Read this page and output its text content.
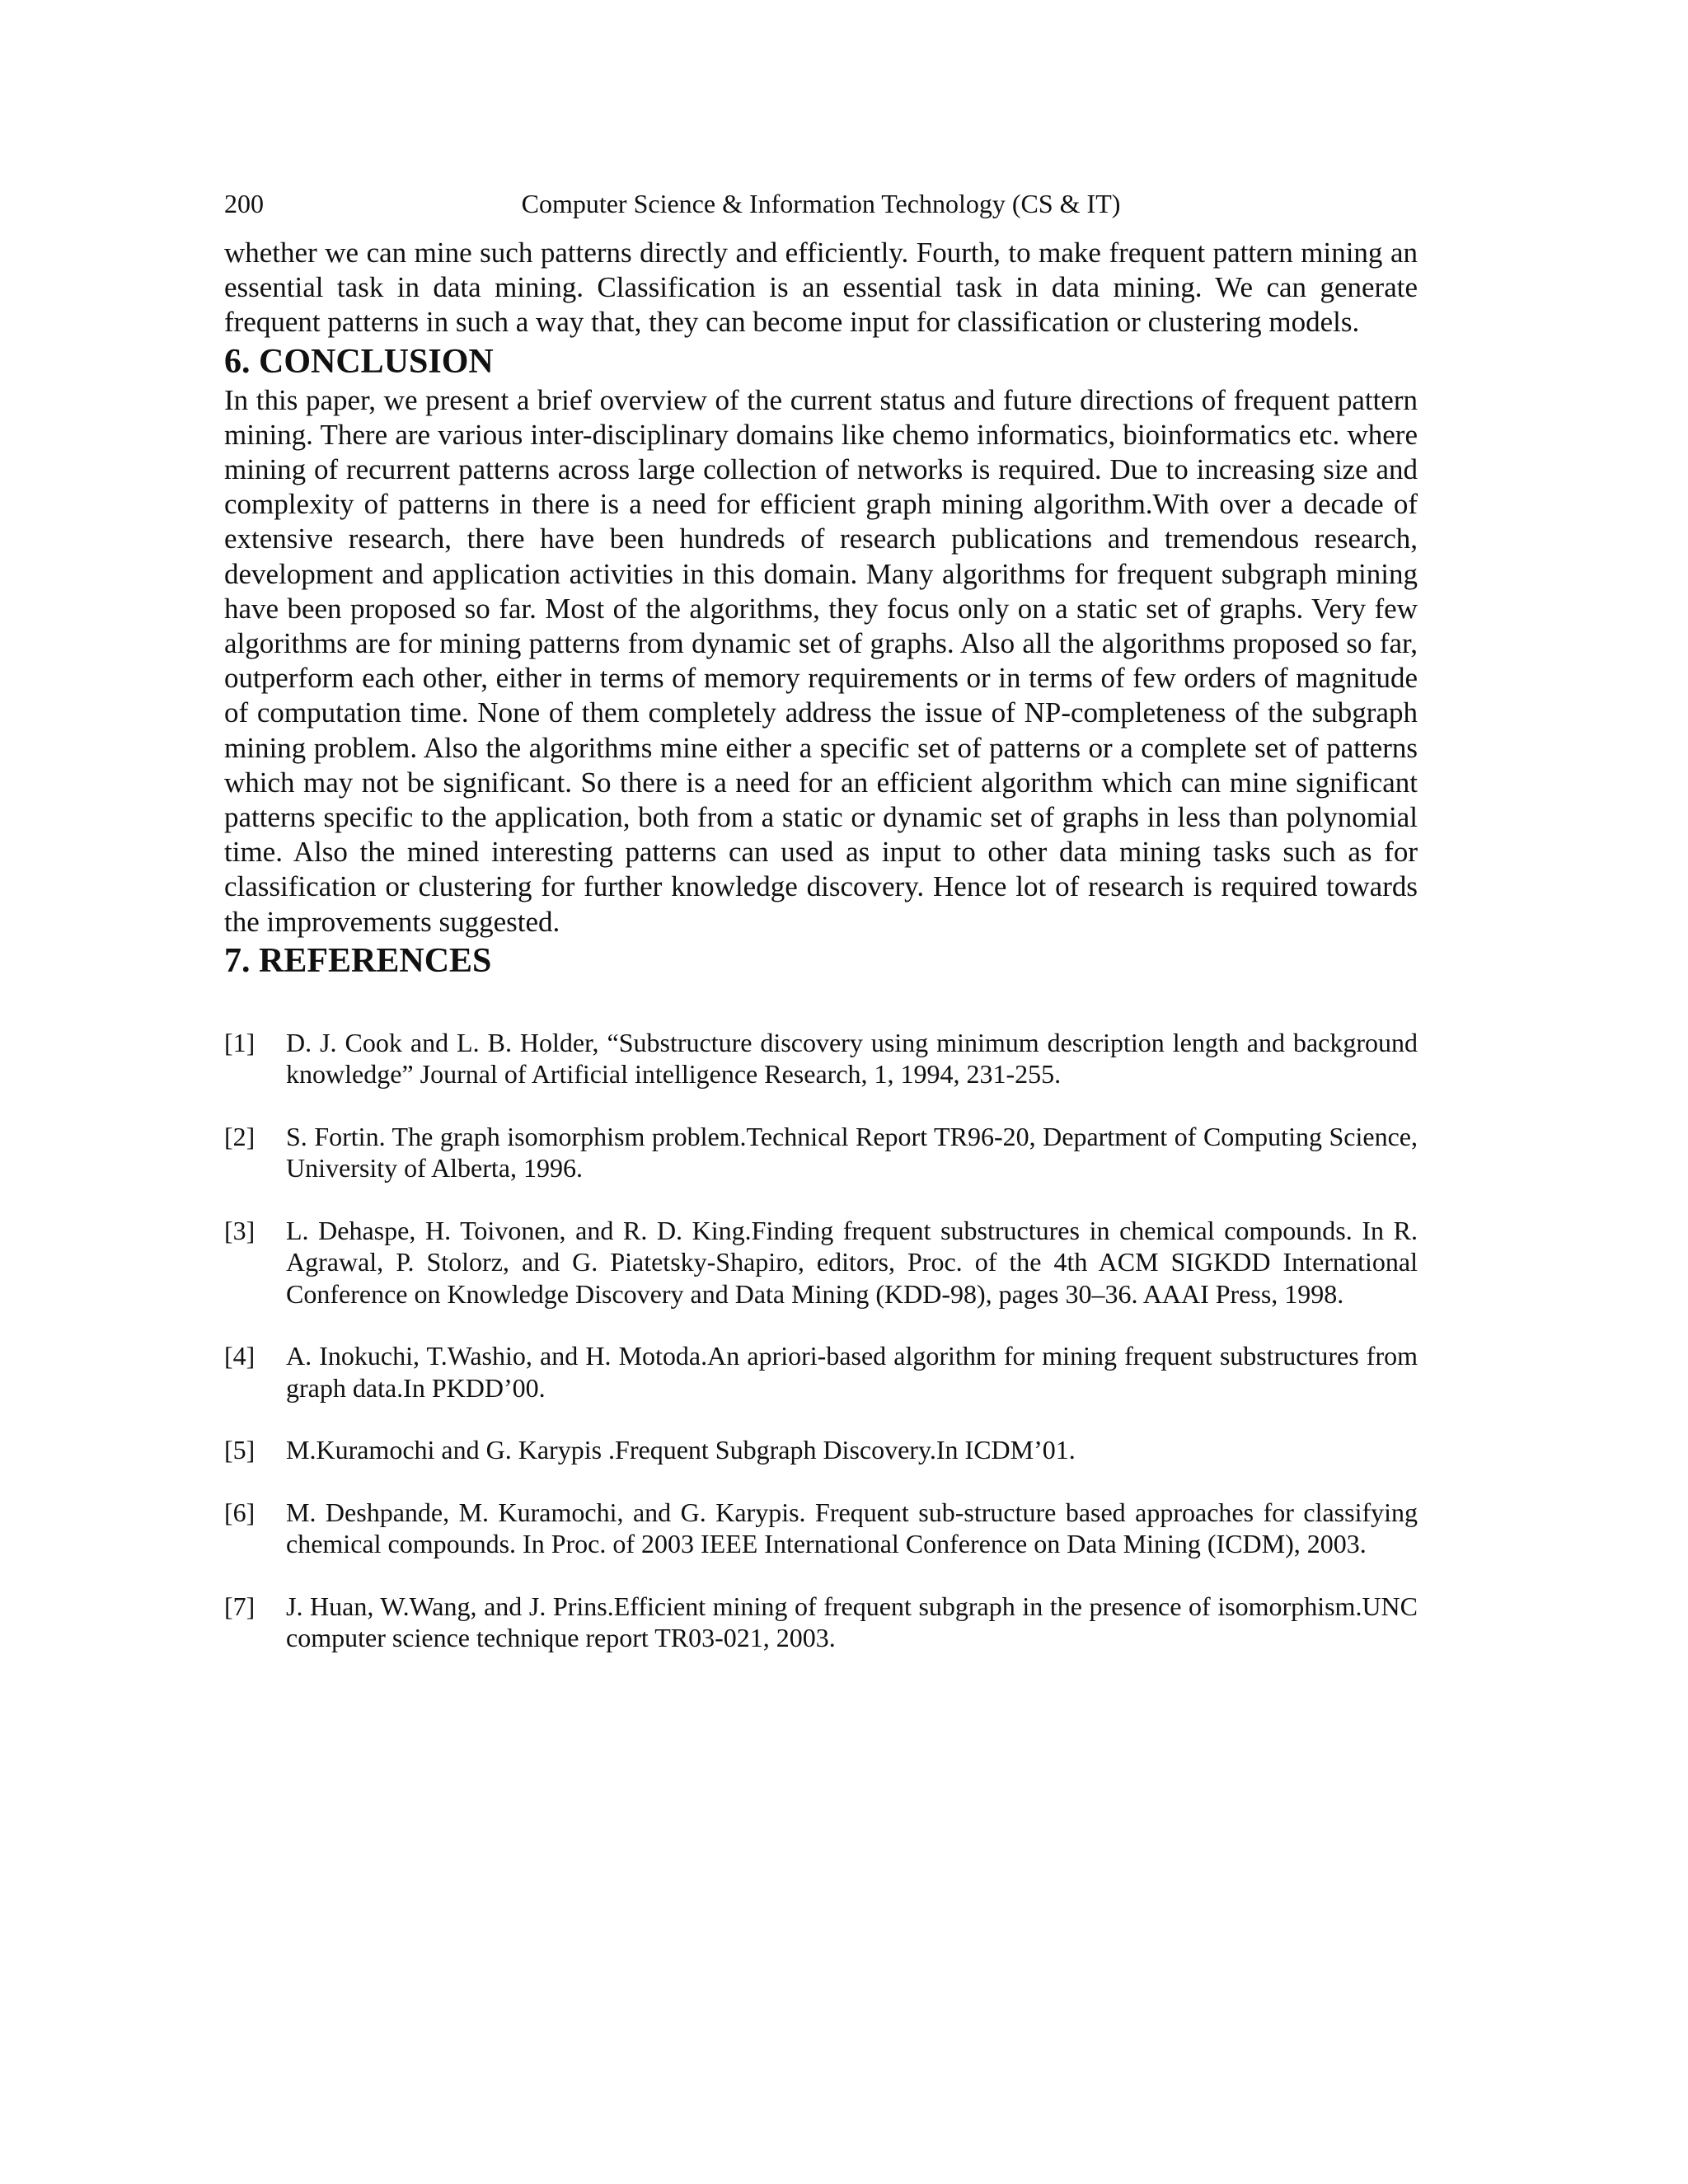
200	Computer Science & Information Technology (CS & IT)

whether we can mine such patterns directly and efficiently. Fourth, to make frequent pattern mining an essential task in data mining. Classification is an essential task in data mining. We can generate frequent patterns in such a way that, they can become input for classification or clustering models.

6. CONCLUSION

In this paper, we present a brief overview of the current status and future directions of frequent pattern mining. There are various inter-disciplinary domains like chemo informatics, bioinformatics etc. where mining of recurrent patterns across large collection of networks is required. Due to increasing size and complexity of patterns in there is a need for efficient graph mining algorithm.With over a decade of extensive research, there have been hundreds of research publications and tremendous research, development and application activities in this domain. Many algorithms for frequent subgraph mining have been proposed so far. Most of the algorithms, they focus only on a static set of graphs. Very few algorithms are for mining patterns from dynamic set of graphs. Also all the algorithms proposed so far, outperform each other, either in terms of memory requirements or in terms of few orders of magnitude of computation time. None of them completely address the issue of NP-completeness of the subgraph mining problem. Also the algorithms mine either a specific set of patterns or a complete set of patterns which may not be significant. So there is a need for an efficient algorithm which can mine significant patterns specific to the application, both from a static or dynamic set of graphs in less than polynomial time. Also the mined interesting patterns can used as input to other data mining tasks such as for classification or clustering for further knowledge discovery. Hence lot of research is required towards the improvements suggested.

7. REFERENCES
[1]	D. J. Cook and L. B. Holder, “Substructure discovery using minimum description length and background knowledge” Journal of Artificial intelligence Research, 1, 1994, 231-255.
[2]	S. Fortin. The graph isomorphism problem.Technical Report TR96-20, Department of Computing Science, University of Alberta, 1996.
[3]	L. Dehaspe, H. Toivonen, and R. D. King.Finding frequent substructures in chemical compounds. In R. Agrawal, P. Stolorz, and G. Piatetsky-Shapiro, editors, Proc. of the 4th ACM SIGKDD International Conference on Knowledge Discovery and Data Mining (KDD-98), pages 30–36. AAAI Press, 1998.
[4]	A. Inokuchi, T.Washio, and H. Motoda.An apriori-based algorithm for mining frequent substructures from graph data.In PKDD’00.
[5]	M.Kuramochi and G. Karypis .Frequent Subgraph Discovery.In ICDM’01.
[6]	M. Deshpande, M. Kuramochi, and G. Karypis. Frequent sub-structure based approaches for classifying chemical compounds. In Proc. of 2003 IEEE International Conference on Data Mining (ICDM), 2003.
[7]	J. Huan, W.Wang, and J. Prins.Efficient mining of frequent subgraph in the presence of isomorphism.UNC computer science technique report TR03-021, 2003.
